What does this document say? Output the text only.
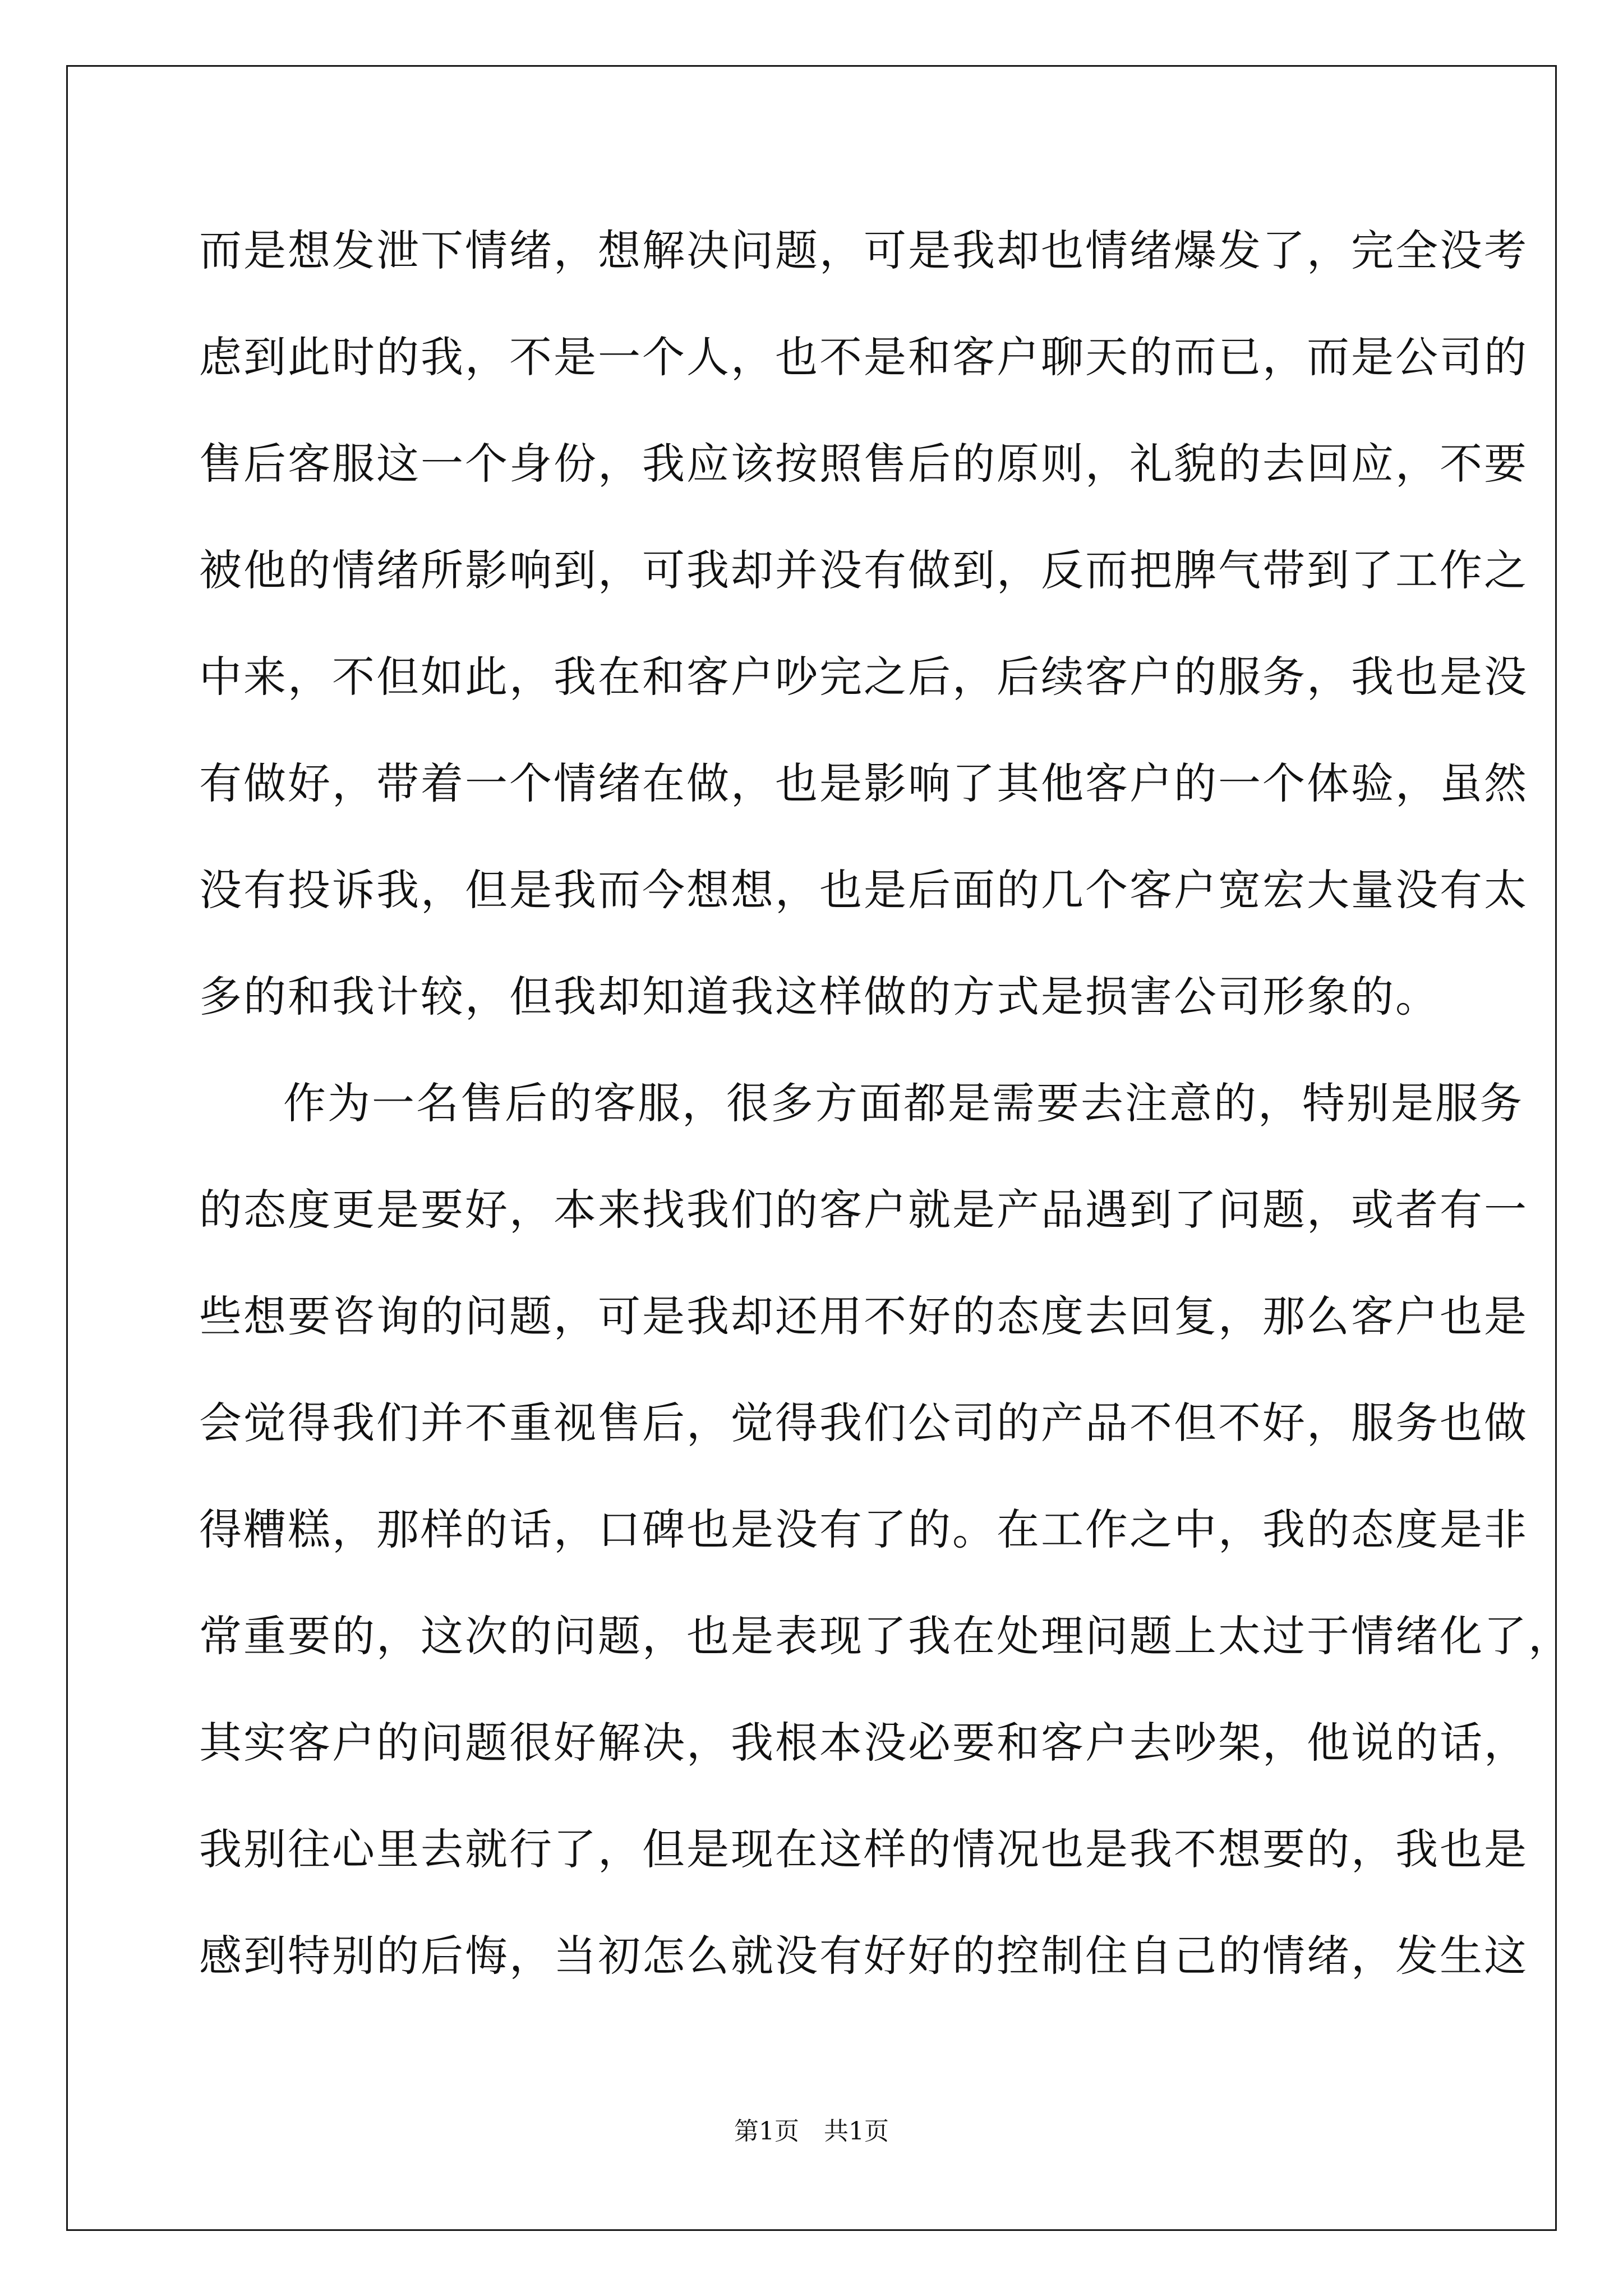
而是想发泄下情绪，想解决问题，可是我却也情绪爆发了，完全没考
虑到此时的我，不是一个人，也不是和客户聊天的而已，而是公司的
售后客服这一个身份，我应该按照售后的原则，礼貌的去回应，不要
被他的情绪所影响到，可我却并没有做到，反而把脾气带到了工作之
中来，不但如此，我在和客户吵完之后，后续客户的服务，我也是没
有做好，带着一个情绪在做，也是影响了其他客户的一个体验，虽然
没有投诉我，但是我而今想想，也是后面的几个客户宽宏大量没有太
多的和我计较，但我却知道我这样做的方式是损害公司形象的。
作为一名售后的客服，很多方面都是需要去注意的，特别是服务
的态度更是要好，本来找我们的客户就是产品遇到了问题，或者有一
些想要咨询的问题，可是我却还用不好的态度去回复，那么客户也是
会觉得我们并不重视售后，觉得我们公司的产品不但不好，服务也做
得糟糕，那样的话，口碑也是没有了的。在工作之中，我的态度是非
常重要的，这次的问题，也是表现了我在处理问题上太过于情绪化了，
其实客户的问题很好解决，我根本没必要和客户去吵架，他说的话，
我别往心里去就行了，但是现在这样的情况也是我不想要的，我也是
感到特别的后悔，当初怎么就没有好好的控制住自己的情绪，发生这
第1页　共1页
